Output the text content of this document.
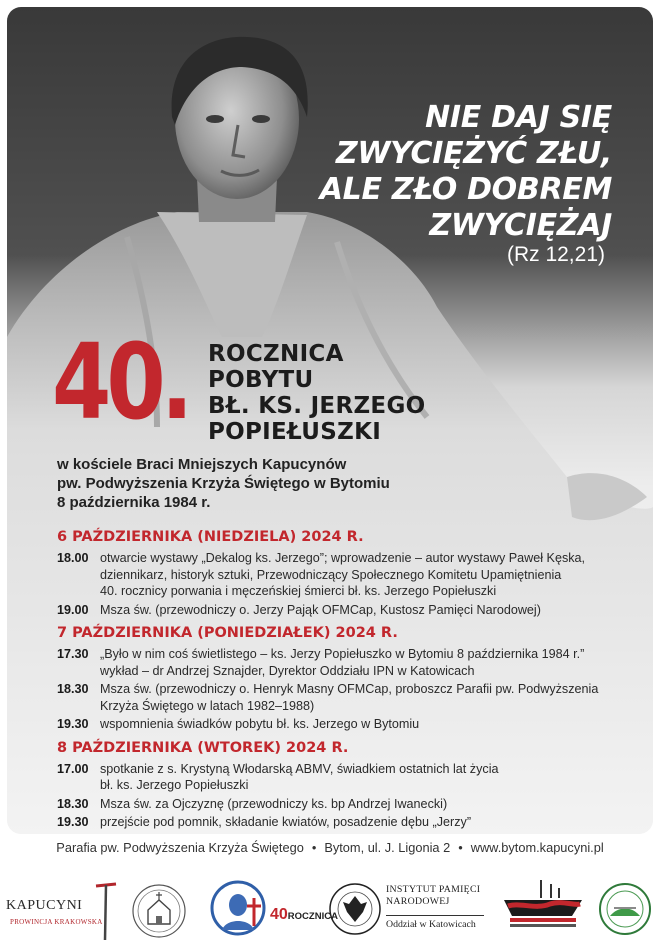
NIE DAJ SIĘ
ZWYCIĘŻYĆ ZŁU,
ALE ZŁO DOBREM
ZWYCIĘŻAJ
(Rz 12,21)
40. ROCZNICA
POBYTU
BŁ. KS. JERZEGO
POPIEŁUSZKI
w kościele Braci Mniejszych Kapucynów
pw. Podwyższenia Krzyża Świętego w Bytomiu
8 października 1984 r.
6 PAŹDZIERNIKA (NIEDZIELA) 2024 R.
18.00 otwarcie wystawy „Dekalog ks. Jerzego”; wprowadzenie – autor wystawy Paweł Kęska,
dziennikarz, historyk sztuki, Przewodniczący Społecznego Komitetu Upamiętnienia
40. rocznicy porwania i męczeńskiej śmierci bł. ks. Jerzego Popiełuszki
19.00 Msza św. (przewodniczy o. Jerzy Pająk OFMCap, Kustosz Pamięci Narodowej)
7 PAŹDZIERNIKA (PONIEDZIAŁEK) 2024 R.
17.30 „Było w nim coś świetlistego – ks. Jerzy Popiełuszko w Bytomiu 8 października 1984 r.”
wykład – dr Andrzej Sznajder, Dyrektor Oddziału IPN w Katowicach
18.30 Msza św. (przewodniczy o. Henryk Masny OFMCap, proboszcz Parafii pw. Podwyższenia
Krzyża Świętego w latach 1982–1988)
19.30 wspomnienia świadków pobytu bł. ks. Jerzego w Bytomiu
8 PAŹDZIERNIKA (WTOREK) 2024 R.
17.00 spotkanie z s. Krystyną Włodarską ABMV, świadkiem ostatnich lat życia
bł. ks. Jerzego Popiełuszki
18.30 Msza św. za Ojczyznę (przewodniczy ks. bp Andrzej Iwanecki)
19.30 przejście pod pomnik, składanie kwiatów, posadzenie dębu „Jerzy”
Parafia pw. Podwyższenia Krzyża Świętego • Bytom, ul. J. Ligonia 2 • www.bytom.kapucyni.pl
KAPUCYNI
PROWINCJA KRAKOWSKA	40ROCZNICA
INSTYTUT PAMIĘCI
NARODOWEJ
Oddział w Katowicach
